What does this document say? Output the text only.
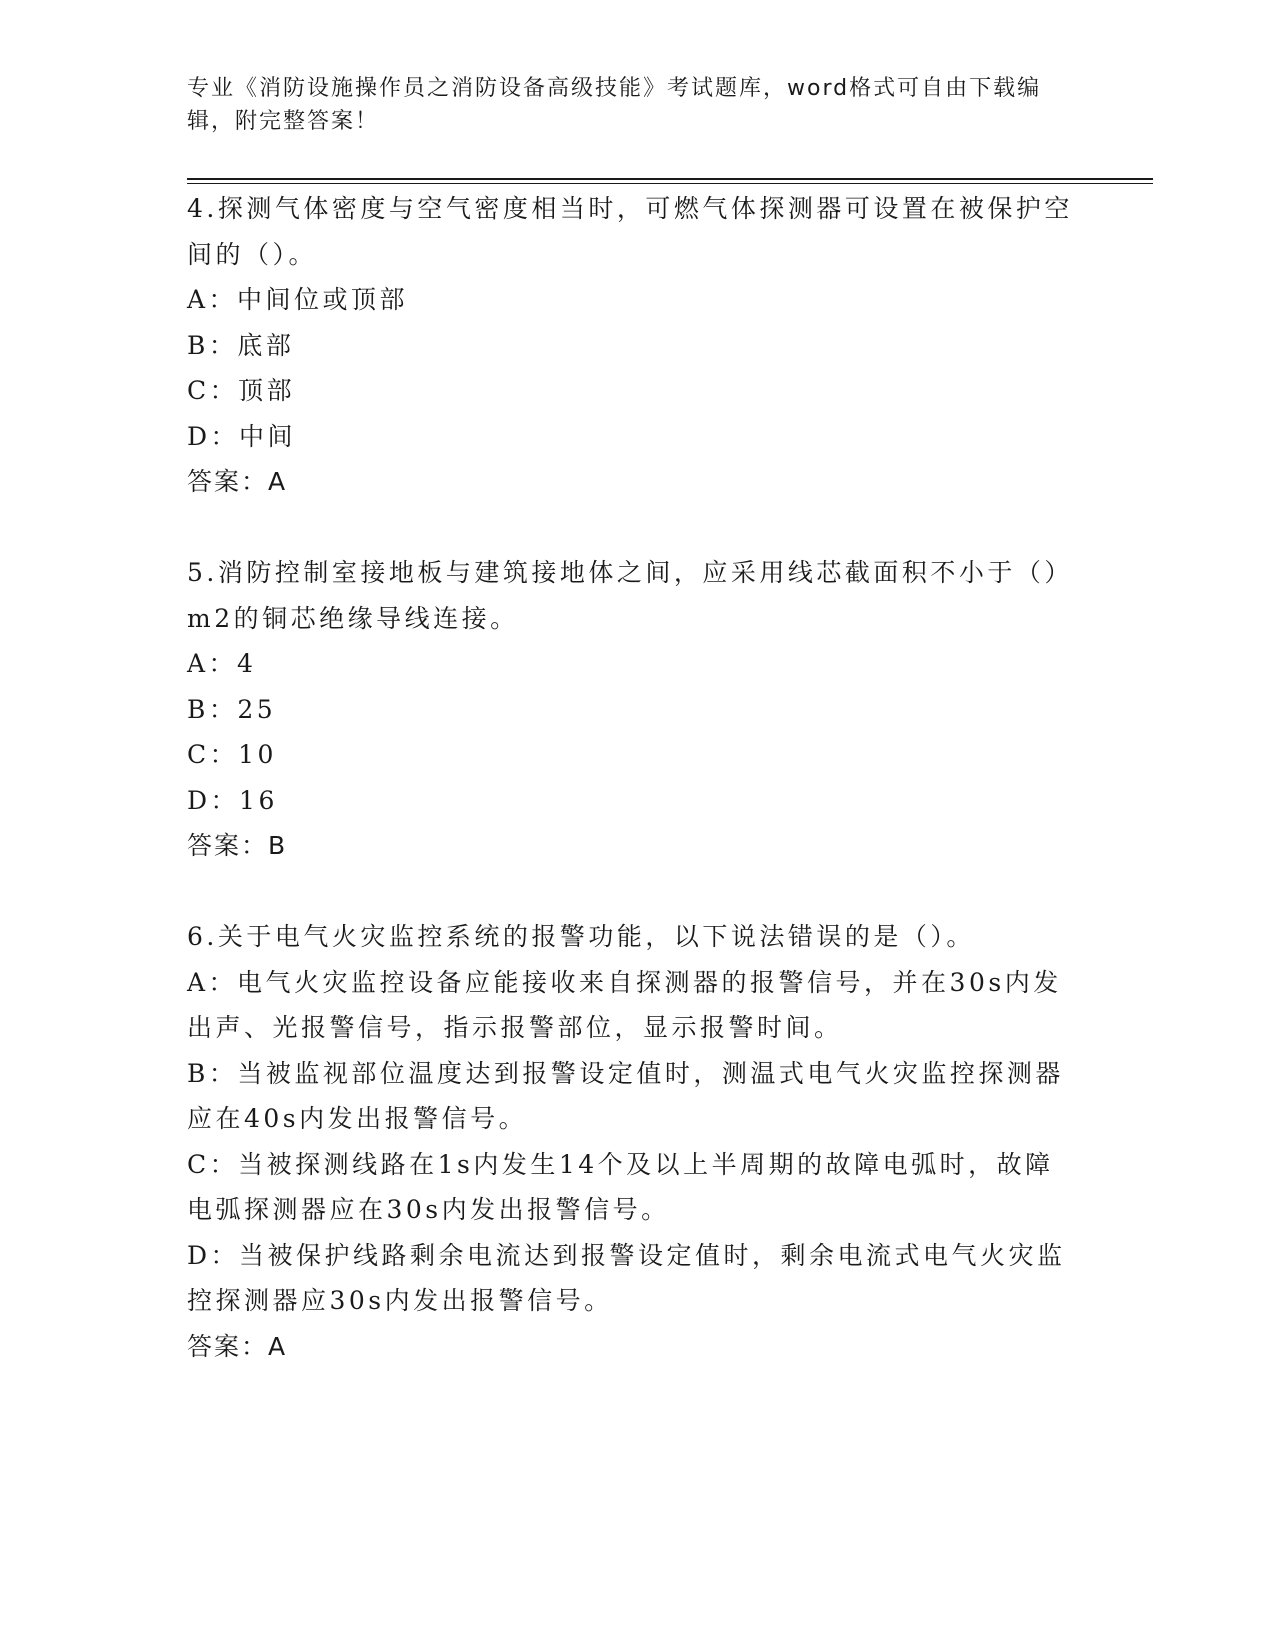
专业《消防设施操作员之消防设备高级技能》考试题库，word格式可自由下载编辑，附完整答案！

4.探测气体密度与空气密度相当时，可燃气体探测器可设置在被保护空间的（）。

A：中间位或顶部

B：底部

C：顶部

D：中间

答案：A

5.消防控制室接地板与建筑接地体之间，应采用线芯截面积不小于（）m2的铜芯绝缘导线连接。

A：4

B：25

C：10

D：16

答案：B

6.关于电气火灾监控系统的报警功能，以下说法错误的是（）。

A：电气火灾监控设备应能接收来自探测器的报警信号，并在30s内发出声、光报警信号，指示报警部位，显示报警时间。

B：当被监视部位温度达到报警设定值时，测温式电气火灾监控探测器应在40s内发出报警信号。

C：当被探测线路在1s内发生14个及以上半周期的故障电弧时，故障电弧探测器应在30s内发出报警信号。

D：当被保护线路剩余电流达到报警设定值时，剩余电流式电气火灾监控探测器应30s内发出报警信号。

答案：A
